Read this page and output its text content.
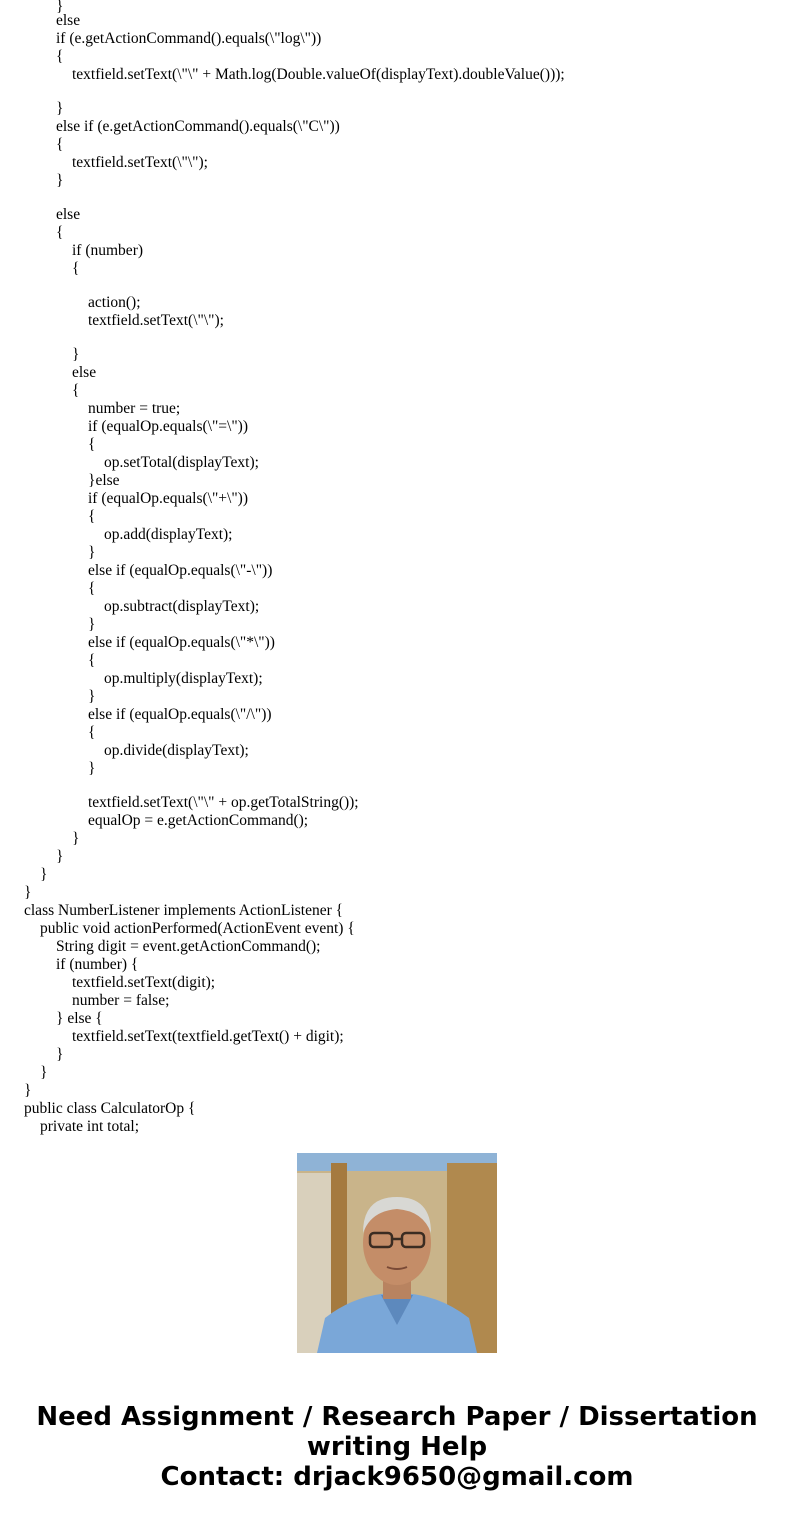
}
else
if (e.getActionCommand().equals(\"log\"))
{
textfield.setText(\"\" + Math.log(Double.valueOf(displayText).doubleValue()));
}
else if (e.getActionCommand().equals(\"C\"))
{
textfield.setText(\"\");
}
else
{
if (number)
{
action();
textfield.setText(\"\");
}
else
{
number = true;
if (equalOp.equals(\"=\"))
{
op.setTotal(displayText);
}else
if (equalOp.equals(\"+\"))
{
op.add(displayText);
}
else if (equalOp.equals(\"-\"))
{
op.subtract(displayText);
}
else if (equalOp.equals(\"*\"))
{
op.multiply(displayText);
}
else if (equalOp.equals(\"/\"))
{
op.divide(displayText);
}
textfield.setText(\"\" + op.getTotalString());
equalOp = e.getActionCommand();
}
}
}
}
class NumberListener implements ActionListener {
public void actionPerformed(ActionEvent event) {
String digit = event.getActionCommand();
if (number) {
textfield.setText(digit);
number = false;
} else {
textfield.setText(textfield.getText() + digit);
}
}
}
public class CalculatorOp {
private int total;
Need Assignment / Research Paper / Dissertation
writing Help
Contact: drjack9650@gmail.com
